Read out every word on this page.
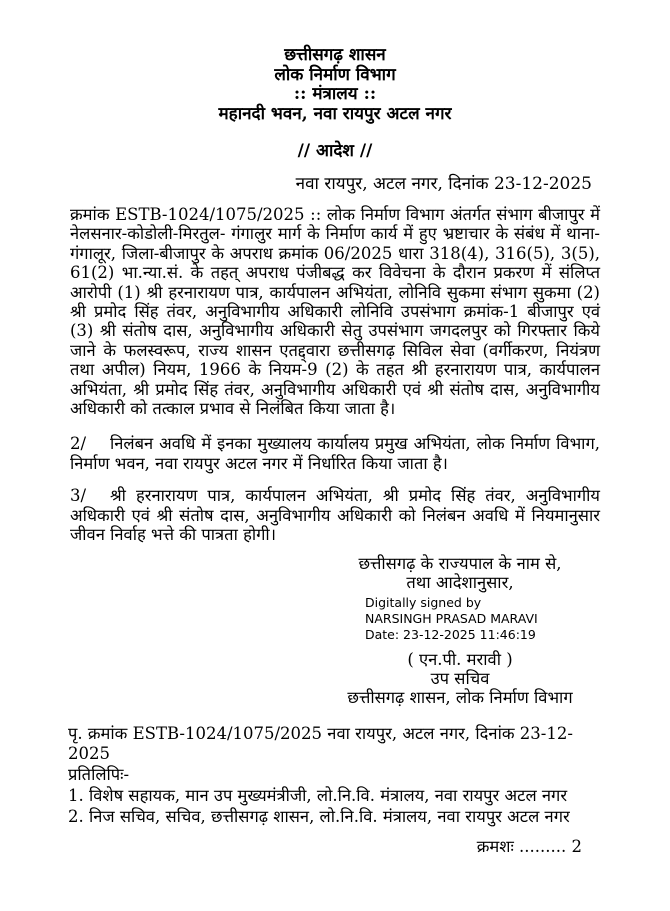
छत्तीसगढ़ शासन
लोक निर्माण विभाग
:: मंत्रालय ::
महानदी भवन, नवा रायपुर अटल नगर
// आदेश //
नवा रायपुर, अटल नगर, दिनांक 23-12-2025
क्रमांक ESTB-1024/1075/2025 :: लोक निर्माण विभाग अंतर्गत संभाग बीजापुर में नेलसनार-कोडोली-मिरतुल- गंगालुर मार्ग के निर्माण कार्य में हुए भ्रष्टाचार के संबंध में थाना-गंगालूर, जिला-बीजापुर के अपराध क्रमांक 06/2025 धारा 318(4), 316(5), 3(5), 61(2) भा.न्या.सं. के तहत् अपराध पंजीबद्ध कर विवेचना के दौरान प्रकरण में संलिप्त आरोपी (1) श्री हरनारायण पात्र, कार्यपालन अभियंता, लोनिवि सुकमा संभाग सुकमा (2) श्री प्रमोद सिंह तंवर, अनुविभागीय अधिकारी लोनिवि उपसंभाग क्रमांक-1 बीजापुर एवं (3) श्री संतोष दास, अनुविभागीय अधिकारी सेतु उपसंभाग जगदलपुर को गिरफ्तार किये जाने के फलस्वरूप, राज्य शासन एतद्द्वारा छत्तीसगढ़ सिविल सेवा (वर्गीकरण, नियंत्रण तथा अपील) नियम, 1966 के नियम-9 (2) के तहत श्री हरनारायण पात्र, कार्यपालन अभियंता, श्री प्रमोद सिंह तंवर, अनुविभागीय अधिकारी एवं श्री संतोष दास, अनुविभागीय अधिकारी को तत्काल प्रभाव से निलंबित किया जाता है।
2/ निलंबन अवधि में इनका मुख्यालय कार्यालय प्रमुख अभियंता, लोक निर्माण विभाग, निर्माण भवन, नवा रायपुर अटल नगर में निर्धारित किया जाता है।
3/ श्री हरनारायण पात्र, कार्यपालन अभियंता, श्री प्रमोद सिंह तंवर, अनुविभागीय अधिकारी एवं श्री संतोष दास, अनुविभागीय अधिकारी को निलंबन अवधि में नियमानुसार जीवन निर्वाह भत्ते की पात्रता होगी।
छत्तीसगढ़ के राज्यपाल के नाम से,
तथा आदेशानुसार,
Digitally signed by
NARSINGH PRASAD MARAVI
Date: 23-12-2025 11:46:19
( एन.पी. मरावी )
उप सचिव
छत्तीसगढ़ शासन, लोक निर्माण विभाग
पृ. क्रमांक ESTB-1024/1075/2025 नवा रायपुर, अटल नगर, दिनांक 23-12-2025
प्रतिलिपिः-
1. विशेष सहायक, मान उप मुख्यमंत्रीजी, लो.नि.वि. मंत्रालय, नवा रायपुर अटल नगर
2. निज सचिव, सचिव, छत्तीसगढ़ शासन, लो.नि.वि. मंत्रालय, नवा रायपुर अटल नगर
क्रमशः ......... 2
